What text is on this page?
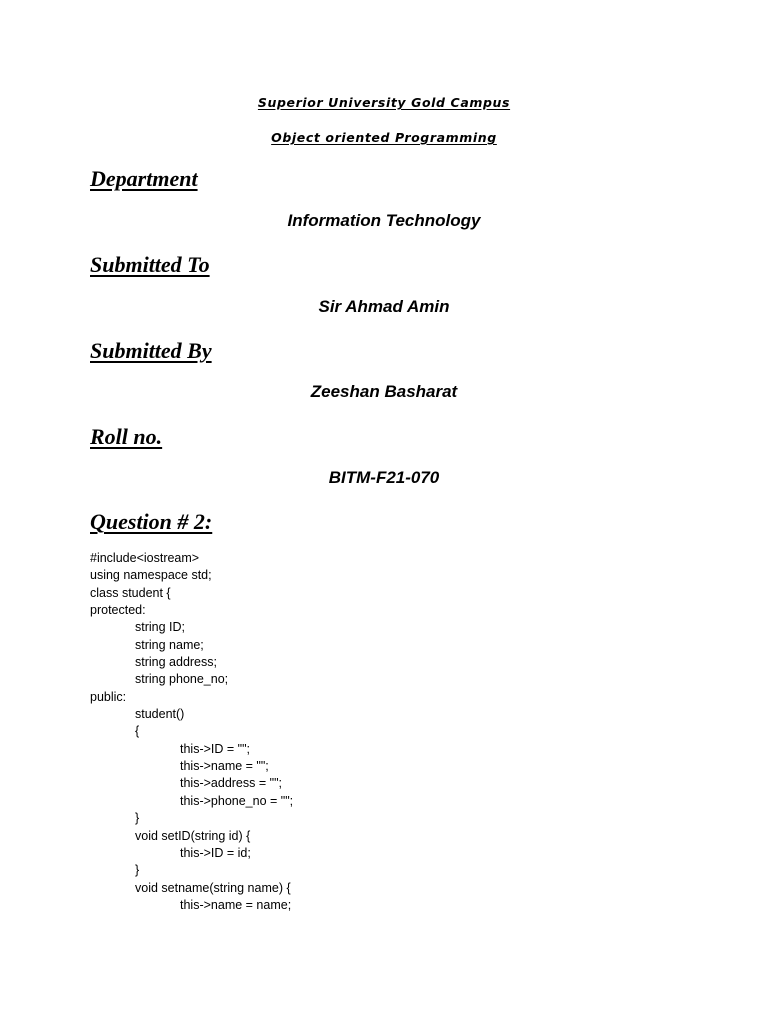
Superior University Gold Campus
Object oriented Programming
Department
Information Technology
Submitted To
Sir Ahmad Amin
Submitted By
Zeeshan Basharat
Roll no.
BITM-F21-070
Question # 2:
#include<iostream>
using namespace std;
class student {
protected:
string ID;
string name;
string address;
string phone_no;
public:
student()
{
this->ID = "";
this->name = "";
this->address = "";
this->phone_no = "";
}
void setID(string id) {
this->ID = id;
}
void setname(string name) {
this->name = name;
